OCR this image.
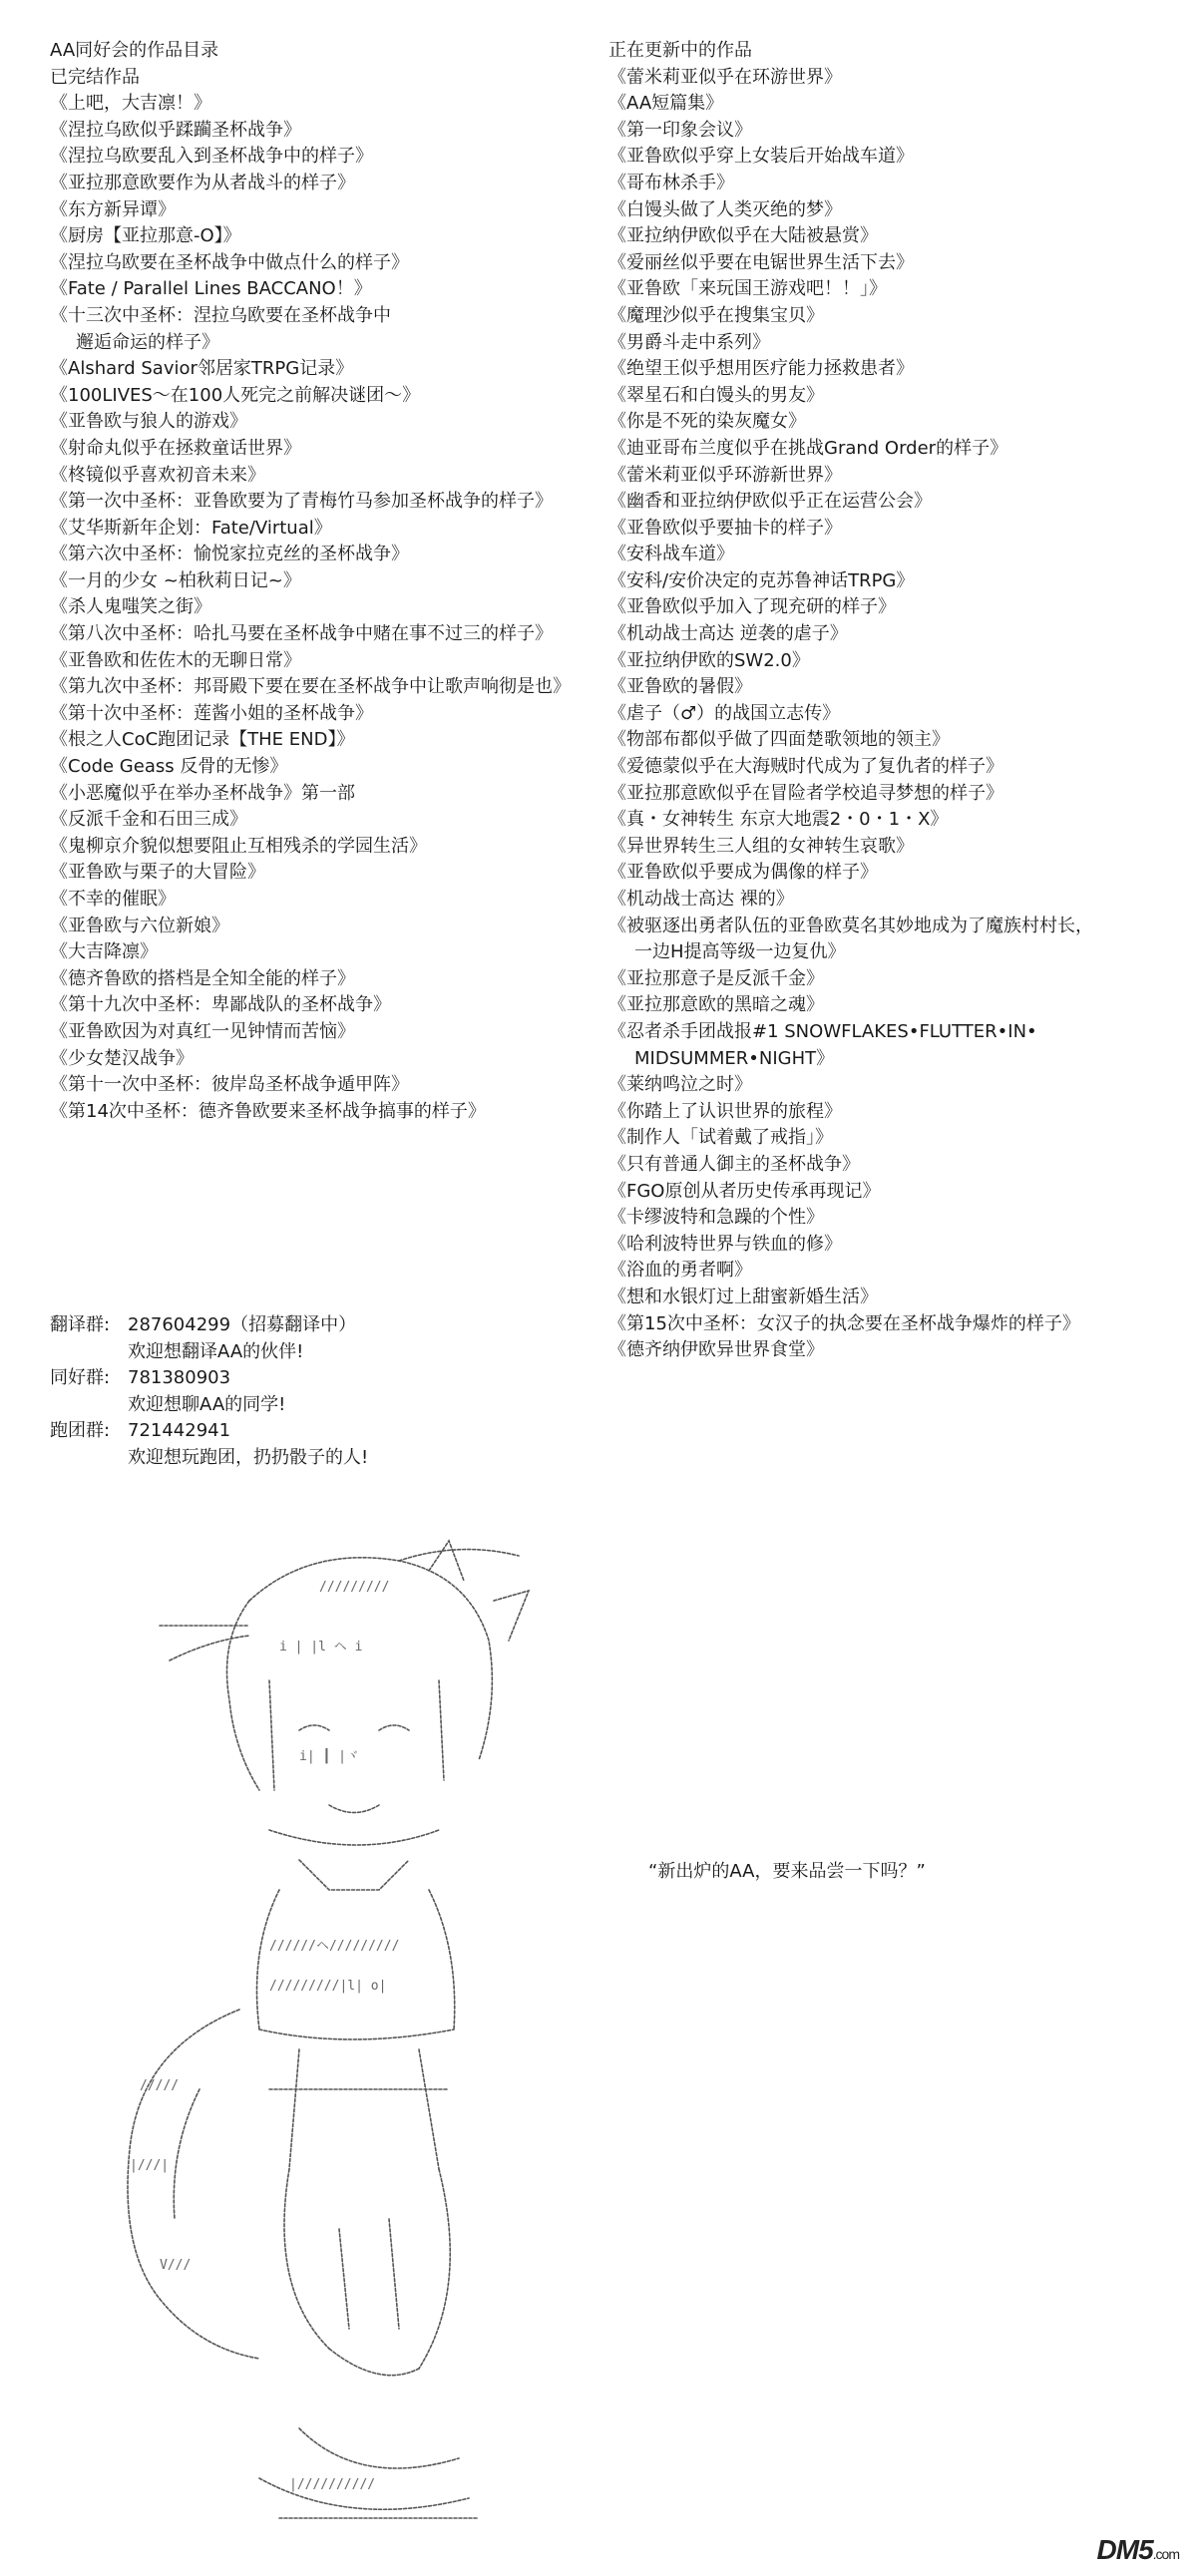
AA同好会的作品目录
已完结作品
《上吧，大吉凛！》
《涅拉乌欧似乎蹂躏圣杯战争》
《涅拉乌欧要乱入到圣杯战争中的样子》
《亚拉那意欧要作为从者战斗的样子》
《东方新异谭》
《厨房【亚拉那意-O】》
《涅拉乌欧要在圣杯战争中做点什么的样子》
《Fate / Parallel Lines BACCANO！》
《十三次中圣杯：涅拉乌欧要在圣杯战争中
邂逅命运的样子》
《Alshard Savior邻居家TRPG记录》
《100LIVES～在100人死完之前解决谜团～》
《亚鲁欧与狼人的游戏》
《射命丸似乎在拯救童话世界》
《柊镜似乎喜欢初音未来》
《第一次中圣杯：亚鲁欧要为了青梅竹马参加圣杯战争的样子》
《艾华斯新年企划：Fate/Virtual》
《第六次中圣杯：愉悦家拉克丝的圣杯战争》
《一月的少女 ~柏秋莉日记~》
《杀人鬼嗤笑之街》
《第八次中圣杯：哈扎马要在圣杯战争中赌在事不过三的样子》
《亚鲁欧和佐佐木的无聊日常》
《第九次中圣杯：邦哥殿下要在要在圣杯战争中让歌声响彻是也》
《第十次中圣杯：莲酱小姐的圣杯战争》
《根之人CoC跑团记录【THE END】》
《Code Geass 反骨的无惨》
《小恶魔似乎在举办圣杯战争》第一部
《反派千金和石田三成》
《鬼柳京介貌似想要阻止互相残杀的学园生活》
《亚鲁欧与栗子的大冒险》
《不幸的催眠》
《亚鲁欧与六位新娘》
《大吉降凛》
《德齐鲁欧的搭档是全知全能的样子》
《第十九次中圣杯：卑鄙战队的圣杯战争》
《亚鲁欧因为对真红一见钟情而苦恼》
《少女楚汉战争》
《第十一次中圣杯：彼岸岛圣杯战争遁甲阵》
《第14次中圣杯：德齐鲁欧要来圣杯战争搞事的样子》
正在更新中的作品
《蕾米莉亚似乎在环游世界》
《AA短篇集》
《第一印象会议》
《亚鲁欧似乎穿上女装后开始战车道》
《哥布林杀手》
《白馒头做了人类灭绝的梦》
《亚拉纳伊欧似乎在大陆被悬赏》
《爱丽丝似乎要在电锯世界生活下去》
《亚鲁欧「来玩国王游戏吧！！」》
《魔理沙似乎在搜集宝贝》
《男爵斗走中系列》
《绝望王似乎想用医疗能力拯救患者》
《翠星石和白馒头的男友》
《你是不死的染灰魔女》
《迪亚哥布兰度似乎在挑战Grand Order的样子》
《蕾米莉亚似乎环游新世界》
《幽香和亚拉纳伊欧似乎正在运营公会》
《亚鲁欧似乎要抽卡的样子》
《安科战车道》
《安科/安价决定的克苏鲁神话TRPG》
《亚鲁欧似乎加入了现充研的样子》
《机动战士高达 逆袭的虐子》
《亚拉纳伊欧的SW2.0》
《亚鲁欧的暑假》
《虐子（♂）的战国立志传》
《物部布都似乎做了四面楚歌领地的领主》
《爱德蒙似乎在大海贼时代成为了复仇者的样子》
《亚拉那意欧似乎在冒险者学校追寻梦想的样子》
《真・女神转生 东京大地震2・0・1・X》
《异世界转生三人组的女神转生哀歌》
《亚鲁欧似乎要成为偶像的样子》
《机动战士高达 裸的》
《被驱逐出勇者队伍的亚鲁欧莫名其妙地成为了魔族村村长，
一边H提高等级一边复仇》
《亚拉那意子是反派千金》
《亚拉那意欧的黑暗之魂》
《忍者杀手团战报#1 SNOWFLAKES•FLUTTER•IN•
MIDSUMMER•NIGHT》
《莱纳鸣泣之时》
《你踏上了认识世界的旅程》
《制作人「试着戴了戒指」》
《只有普通人御主的圣杯战争》
《FGO原创从者历史传承再现记》
《卡缪波特和急躁的个性》
《哈利波特世界与铁血的修》
《浴血的勇者啊》
《想和水银灯过上甜蜜新婚生活》
《第15次中圣杯：女汉子的执念要在圣杯战争爆炸的样子》
《德齐纳伊欧异世界食堂》
翻译群: 287604299（招募翻译中）
欢迎想翻译AA的伙伴!
同好群: 781380903
欢迎想聊AA的同学!
跑团群: 721442941
欢迎想玩跑团，扔扔骰子的人!
/////////
i | |l ヘ i
i| ┃ |ヾ
//////ヘ/////////
/////////|l| o|
/////
|///|
V///
|//////////
“新出炉的AA，要来品尝一下吗？”
DM5.com
